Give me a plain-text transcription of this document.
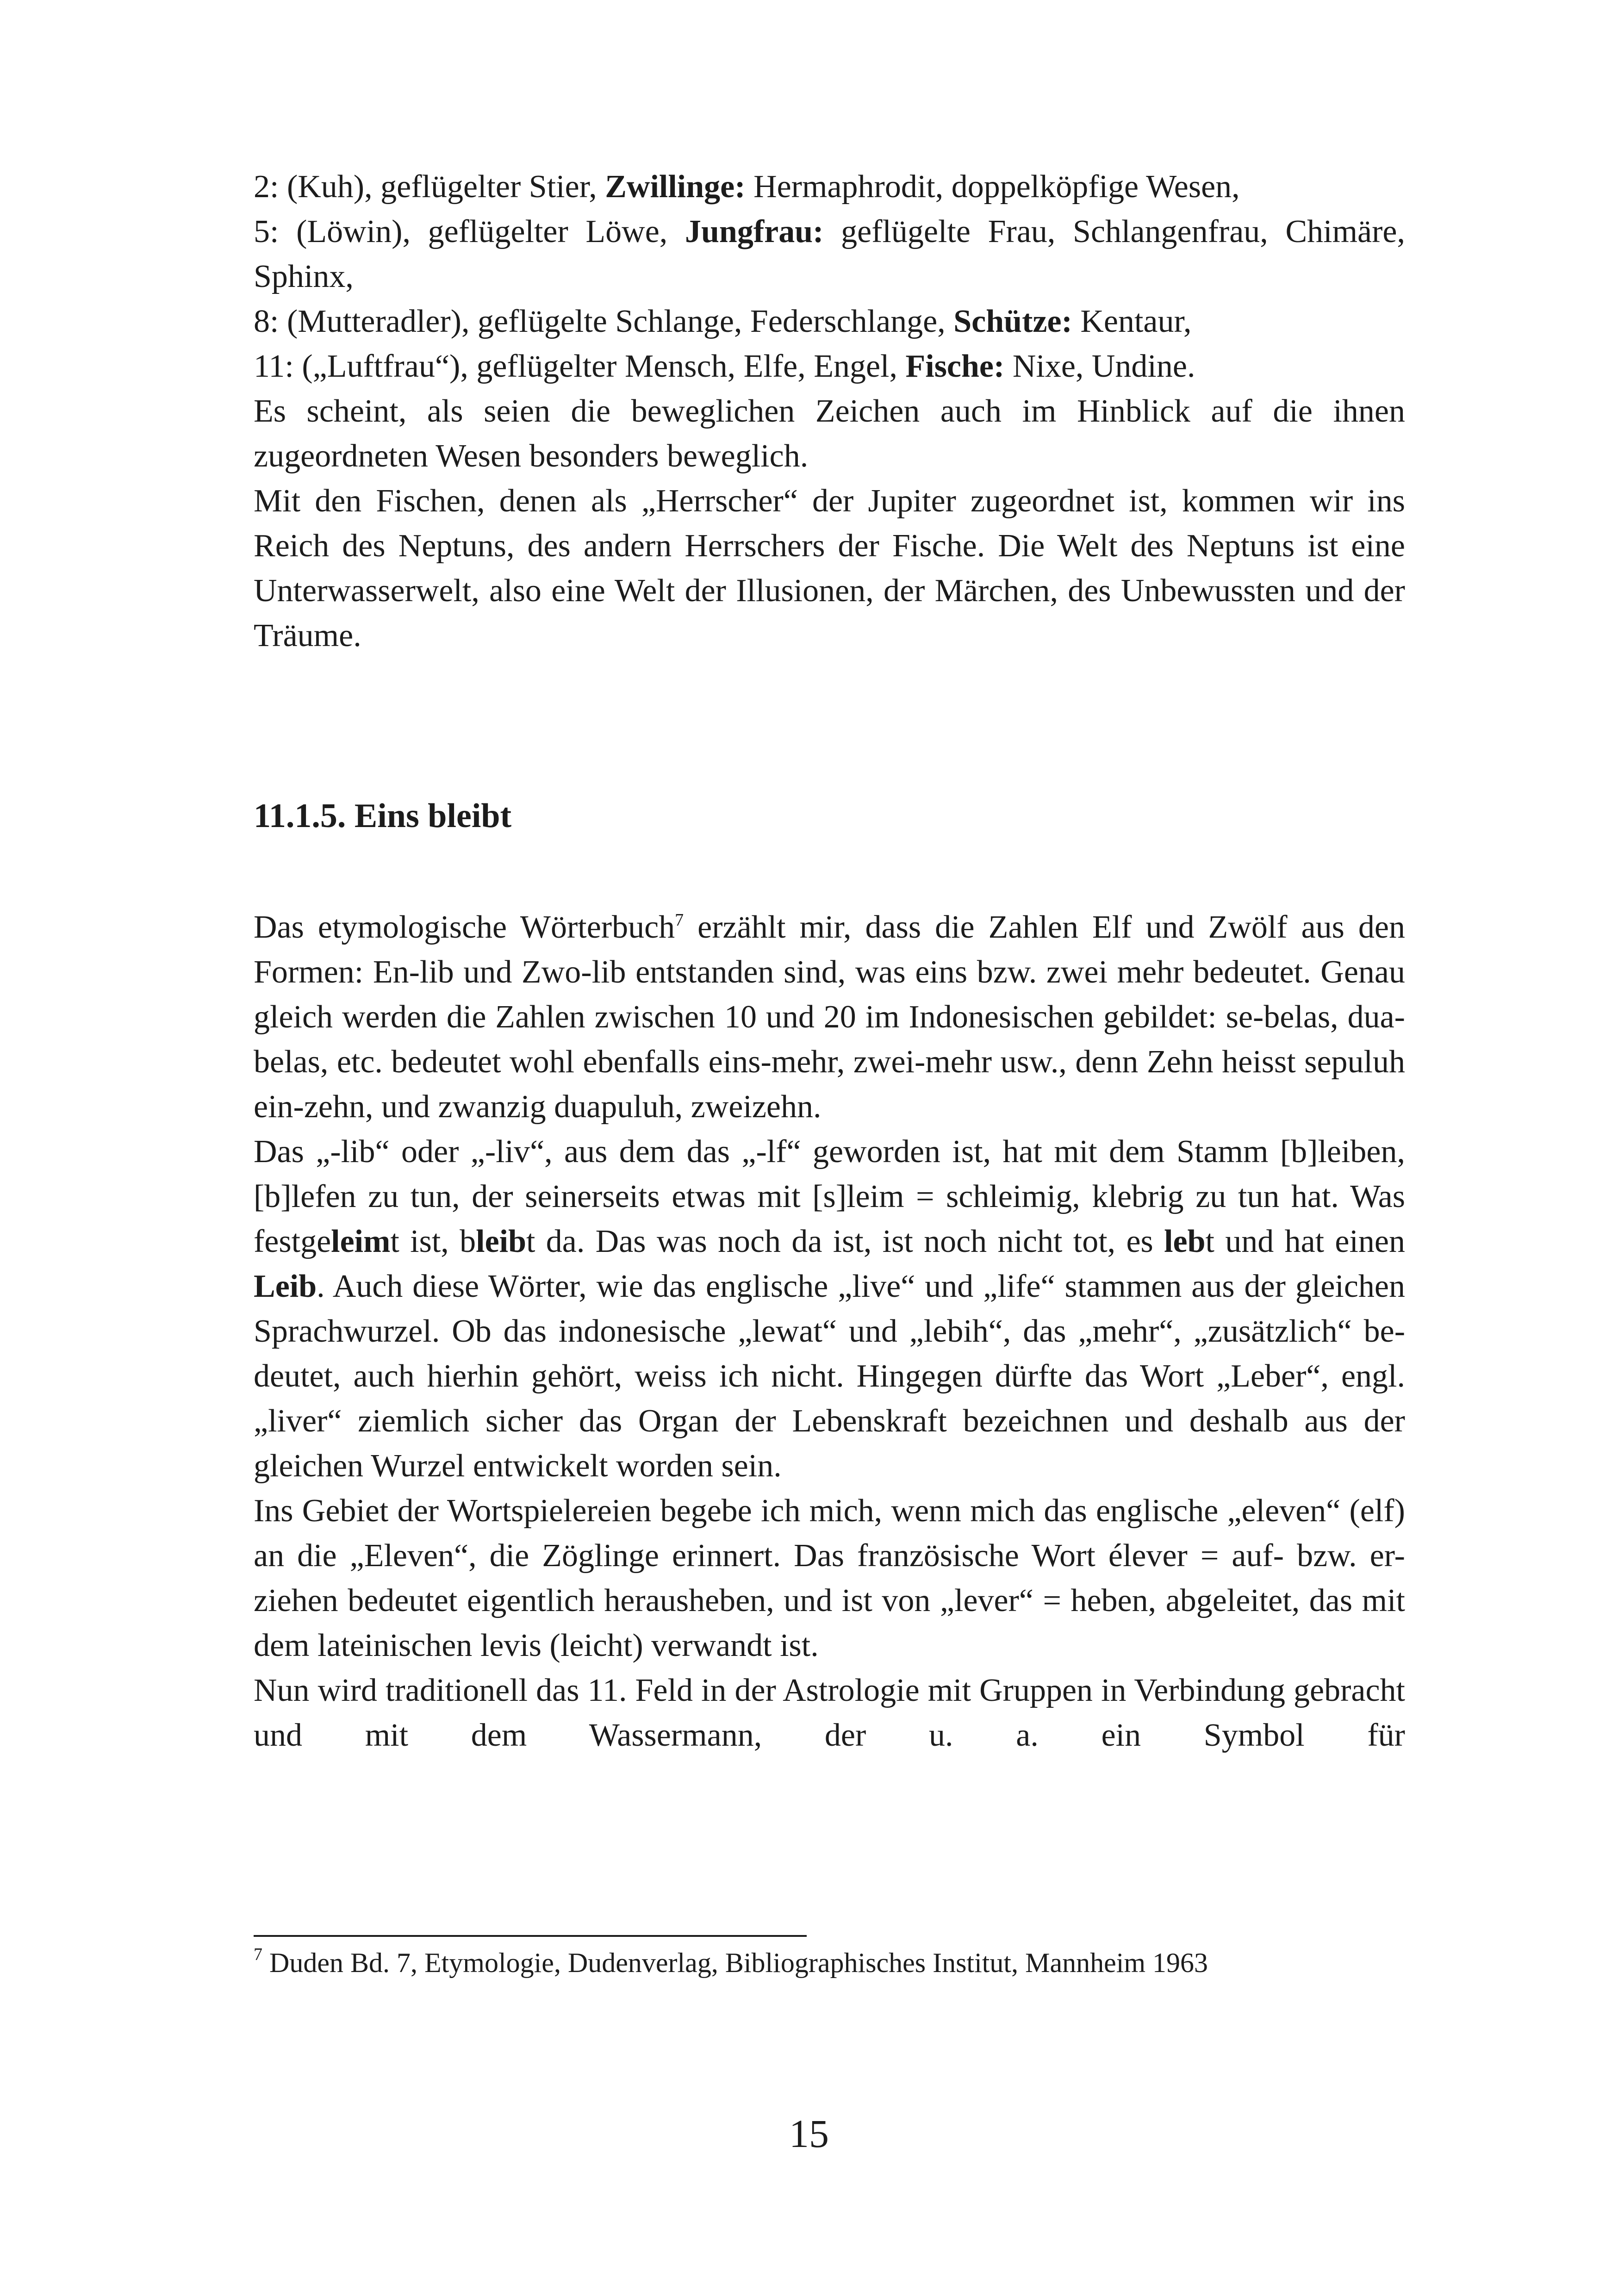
2: (Kuh), geflügelter Stier, Zwillinge: Hermaphrodit, doppelköpfige Wesen,

5: (Löwin), geflügelter Löwe, Jungfrau: geflügelte Frau, Schlangenfrau, Chimäre, Sphinx,

8: (Mutteradler), geflügelte Schlange, Federschlange, Schütze: Kentaur,

11: („Luftfrau“), geflügelter Mensch, Elfe, Engel, Fische: Nixe, Undine.

Es scheint, als seien die beweglichen Zeichen auch im Hinblick auf die ihnen zugeordneten Wesen besonders beweglich.

Mit den Fischen, denen als „Herrscher“ der Jupiter zugeordnet ist, kommen wir ins Reich des Neptuns, des andern Herrschers der Fische. Die Welt des Neptuns ist eine Unterwasserwelt, also eine Welt der Illusionen, der Märchen, des Unbewussten und der Träume.

11.1.5. Eins bleibt

Das etymologische Wörterbuch$^7$ erzählt mir, dass die Zahlen Elf und Zwölf aus den Formen: En-lib und Zwo-lib entstanden sind, was eins bzw. zwei mehr bedeutet. Genau gleich werden die Zahlen zwischen 10 und 20 im Indonesischen gebildet: se-belas, dua-belas, etc. bedeutet wohl ebenfalls eins-mehr, zwei-mehr usw., denn Zehn heisst sepuluh ein-zehn, und zwanzig duapuluh, zweizehn.

Das „-lib“ oder „-liv“, aus dem das „-lf“ geworden ist, hat mit dem Stamm [b]leiben, [b]lefen zu tun, der seinerseits etwas mit [s]leim = schleimig, klebrig zu tun hat. Was festgeleimt ist, bleibt da. Das was noch da ist, ist noch nicht tot, es lebt und hat einen Leib. Auch diese Wörter, wie das englische „live“ und „life“ stammen aus der gleichen Sprachwurzel. Ob das indonesische „lewat“ und „lebih“, das „mehr“, „zusätzlich“ bedeutet, auch hierhin gehört, weiss ich nicht. Hingegen dürfte das Wort „Leber“, engl. „liver“ ziemlich sicher das Organ der Lebenskraft bezeichnen und deshalb aus der gleichen Wurzel entwickelt worden sein.

Ins Gebiet der Wortspielereien begebe ich mich, wenn mich das englische „eleven“ (elf) an die „Eleven“, die Zöglinge erinnert. Das französische Wort élever = auf- bzw. er-ziehen bedeutet eigentlich herausheben, und ist von „lever“ = heben, abgeleitet, das mit dem lateinischen levis (leicht) verwandt ist.

Nun wird traditionell das 11. Feld in der Astrologie mit Gruppen in Verbindung gebracht und mit dem Wassermann, der u. a. ein Symbol für

$^7$ Duden Bd. 7, Etymologie, Dudenverlag, Bibliographisches Institut, Mannheim 1963
15
